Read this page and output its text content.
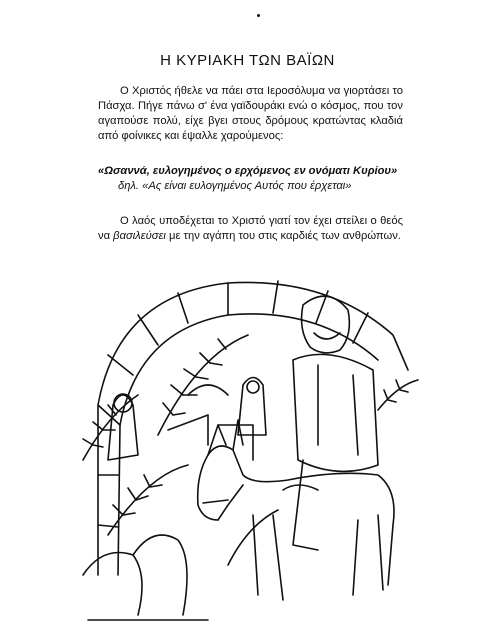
Η ΚΥΡΙΑΚΗ ΤΩΝ ΒΑΪΩΝ
Ο Χριστός ήθελε να πάει στα Ιεροσόλυμα να γιορτάσει το Πάσχα. Πήγε πάνω σ' ένα γαϊδουράκι ενώ ο κόσμος, που τον αγαπούσε πολύ, είχε βγει στους δρόμους κρατώντας κλαδιά από φοίνικες και έψαλλε χαρούμενος:
«Ωσαννά, ευλογημένος ο ερχόμενος εν ονόματι Κυρίου»
δηλ. «Ας είναι ευλογημένος Αυτός που έρχεται»
Ο λαός υποδέχεται το Χριστό γιατί τον έχει στείλει ο θεός να βασιλεύσει με την αγάπη του στις καρδιές των ανθρώπων.
